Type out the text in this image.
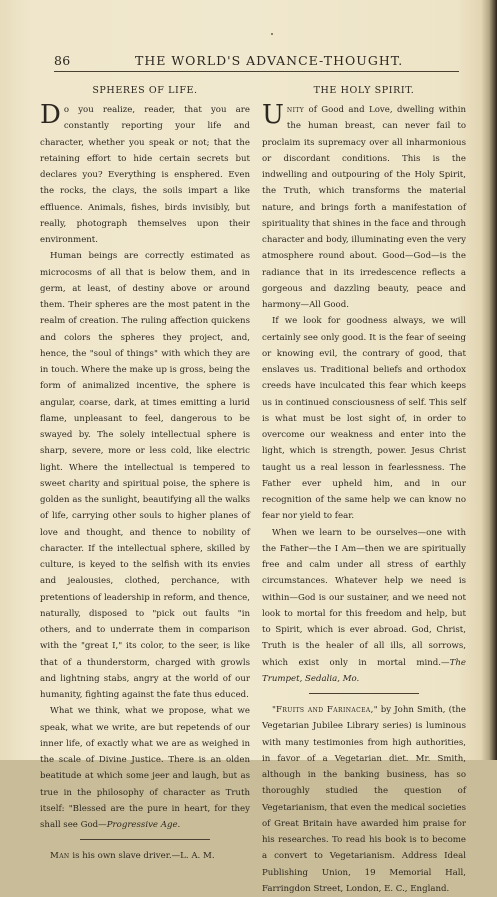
86	THE WORLD'S ADVANCE-THOUGHT.
SPHERES OF LIFE.

Do you realize, reader, that you are constantly reporting your life and character, whether you speak or not; that the retaining effort to hide certain secrets but declares you? Everything is ensphered. Even the rocks, the clays, the soils impart a like effluence. Animals, fishes, birds invisibly, but really, photograph themselves upon their environment.

Human beings are correctly estimated as microcosms of all that is below them, and in germ, at least, of destiny above or around them. Their spheres are the most patent in the realm of creation. The ruling affection quickens and colors the spheres they project, and, hence, the "soul of things" with which they are in touch. Where the make up is gross, being the form of animalized incentive, the sphere is angular, coarse, dark, at times emitting a lurid flame, unpleasant to feel, dangerous to be swayed by. The solely intellectual sphere is sharp, severe, more or less cold, like electric light. Where the intellectual is tempered to sweet charity and spiritual poise, the sphere is golden as the sunlight, beautifying all the walks of life, carrying other souls to higher planes of love and thought, and thence to nobility of character. If the intellectual sphere, skilled by culture, is keyed to the selfish with its envies and jealousies, clothed, perchance, with pretentions of leadership in reform, and thence, naturally, disposed to "pick out faults "in others, and to underrate them in comparison with the "great I," its color, to the seer, is like that of a thunderstorm, charged with growls and lightning stabs, angry at the world of our humanity, fighting against the fate thus educed.

What we think, what we propose, what we speak, what we write, are but repetends of our inner life, of exactly what we are as weighed in the scale of Divine Justice. There is an olden beatitude at which some jeer and laugh, but as true in the philosophy of character as Truth itself: "Blessed are the pure in heart, for they shall see God—Progressive Age.

Man is his own slave driver.—L. A. M.

THE HOLY SPIRIT.

Unity of Good and Love, dwelling within the human breast, can never fail to proclaim its supremacy over all inharmonious or discordant conditions. This is the indwelling and outpouring of the Holy Spirit, the Truth, which transforms the material nature, and brings forth a manifestation of spirituality that shines in the face and through character and body, illuminating even the very atmosphere round about. Good—God—is the radiance that in its irredescence reflects a gorgeous and dazzling beauty, peace and harmony—All Good.

If we look for goodness always, we will certainly see only good. It is the fear of seeing or knowing evil, the contrary of good, that enslaves us. Traditional beliefs and orthodox creeds have inculcated this fear which keeps us in continued consciousness of self. This self is what must be lost sight of, in order to overcome our weakness and enter into the light, which is strength, power. Jesus Christ taught us a real lesson in fearlessness. The Father ever upheld him, and in our recognition of the same help we can know no fear nor yield to fear.

When we learn to be ourselves—one with the Father—the I Am—then we are spiritually free and calm under all stress of earthly circumstances. Whatever help we need is within—God is our sustainer, and we need not look to mortal for this freedom and help, but to Spirit, which is ever abroad. God, Christ, Truth is the healer of all ills, all sorrows, which exist only in mortal mind.—The Trumpet, Sedalia, Mo.

"Fruits and Farinacea," by John Smith, (the Vegetarian Jubilee Library series) is luminous with many testimonies from high authorities, in favor of a Vegetarian diet. Mr. Smith, although in the banking business, has so thoroughly studied the question of Vegetarianism, that even the medical societies of Great Britain have awarded him praise for his researches. To read his book is to become a convert to Vegetarianism. Address Ideal Publishing Union, 19 Memorial Hall, Farringdon Street, London, E. C., England.
